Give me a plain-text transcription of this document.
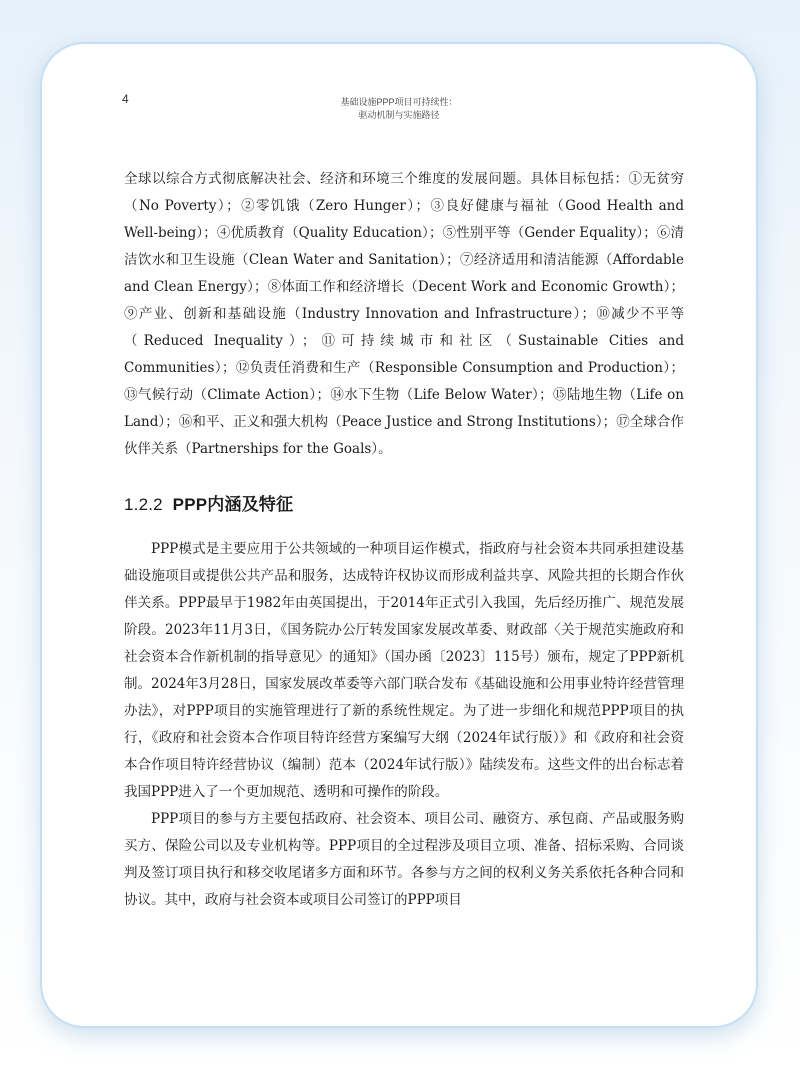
4	基础设施PPP项目可持续性：
驱动机制与实施路径

全球以综合方式彻底解决社会、经济和环境三个维度的发展问题。具体目标包括：①无贫穷（No Poverty）；②零饥饿（Zero Hunger）；③良好健康与福祉（Good Health and Well-being）；④优质教育（Quality Education）；⑤性别平等（Gender Equality）；⑥清洁饮水和卫生设施（Clean Water and Sanitation）；⑦经济适用和清洁能源（Affordable and Clean Energy）；⑧体面工作和经济增长（Decent Work and Economic Growth）；⑨产业、创新和基础设施（Industry Innovation and Infrastructure）；⑩减少不平等（Reduced Inequality）；⑪可持续城市和社区（Sustainable Cities and Communities）；⑫负责任消费和生产（Responsible Consumption and Production）；⑬气候行动（Climate Action）；⑭水下生物（Life Below Water）；⑮陆地生物（Life on Land）；⑯和平、正义和强大机构（Peace Justice and Strong Institutions）；⑰全球合作伙伴关系（Partnerships for the Goals）。

1.2.2 PPP内涵及特征

PPP模式是主要应用于公共领域的一种项目运作模式，指政府与社会资本共同承担建设基础设施项目或提供公共产品和服务，达成特许权协议而形成利益共享、风险共担的长期合作伙伴关系。PPP最早于1982年由英国提出，于2014年正式引入我国，先后经历推广、规范发展阶段。2023年11月3日，《国务院办公厅转发国家发展改革委、财政部〈关于规范实施政府和社会资本合作新机制的指导意见〉的通知》（国办函〔2023〕115号）颁布，规定了PPP新机制。2024年3月28日，国家发展改革委等六部门联合发布《基础设施和公用事业特许经营管理办法》，对PPP项目的实施管理进行了新的系统性规定。为了进一步细化和规范PPP项目的执行，《政府和社会资本合作项目特许经营方案编写大纲（2024年试行版）》和《政府和社会资本合作项目特许经营协议（编制）范本（2024年试行版）》陆续发布。这些文件的出台标志着我国PPP进入了一个更加规范、透明和可操作的阶段。

PPP项目的参与方主要包括政府、社会资本、项目公司、融资方、承包商、产品或服务购买方、保险公司以及专业机构等。PPP项目的全过程涉及项目立项、准备、招标采购、合同谈判及签订项目执行和移交收尾诸多方面和环节。各参与方之间的权利义务关系依托各种合同和协议。其中，政府与社会资本或项目公司签订的PPP项目
